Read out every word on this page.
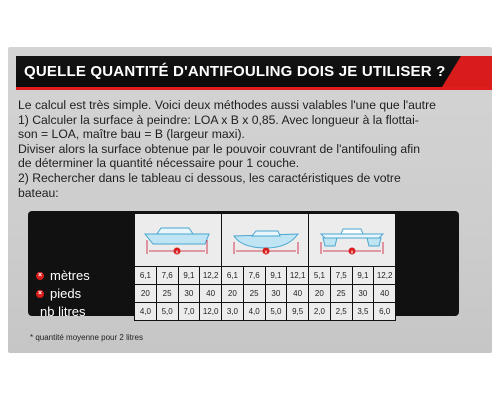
QUELLE QUANTITÉ D'ANTIFOULING DOIS JE UTILISER ?
Le calcul est très simple. Voici deux méthodes aussi valables l'une que l'autre
1) Calculer la surface à peindre: LOA x B x 0,85. Avec longueur à la flottai-
son = LOA, maître bau = B (largeur maxi).
Diviser alors la surface obtenue par le pouvoir couvrant de l'antifouling afin
de déterminer la quantité nécessaire pour 1 couche.
2) Rechercher dans le tableau ci dessous, les caractéristiques de votre
bateau:

x				x				x			

× mètres	6,1	7,6	9,1	12,2	6,1	7,6	9,1	12,1	5,1	7,5	9,1	12,2

× pieds	20	25	30	40	20	25	30	40	20	25	30	40

nb litres	4,0	5,0	7,0	12,0	3,0	4,0	5,0	9,5	2,0	2,5	3,5	6,0
* quantité moyenne pour 2 litres
